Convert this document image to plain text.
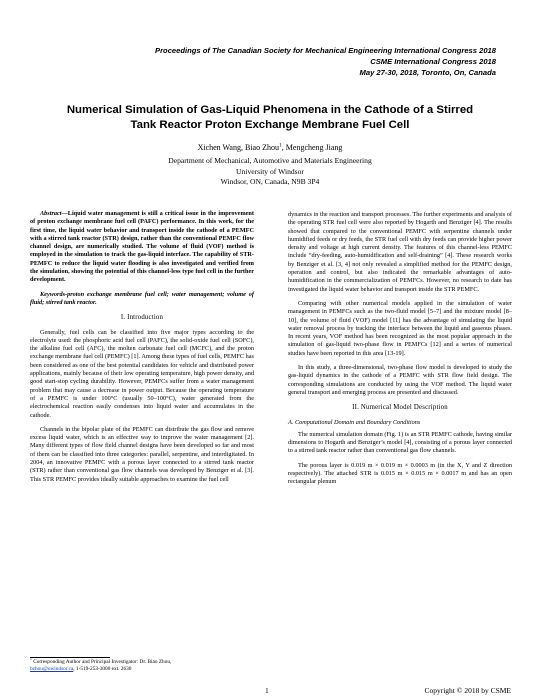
Proceedings of The Canadian Society for Mechanical Engineering International Congress 2018
CSME International Congress 2018
May 27-30, 2018, Toronto, On, Canada
Numerical Simulation of Gas-Liquid Phenomena in the Cathode of a Stirred
Tank Reactor Proton Exchange Membrane Fuel Cell
Xichen Wang, Biao Zhou$^1$, Mengcheng Jiang
Department of Mechanical, Automotive and Materials Engineering
University of Windsor
Windsor, ON, Canada, N9B 3P4

Abstract—Liquid water management is still a critical issue in the improvement of proton exchange membrane fuel cell (PAFC) performance. In this work, for the first time, the liquid water behavior and transport inside the cathode of a PEMFC with a stirred tank reactor (STR) design, rather than the conventional PEMFC flow channel design, are numerically studied. The volume of fluid (VOF) method is employed in the simulation to track the gas-liquid interface. The capability of STR-PEMFC to reduce the liquid water flooding is also investigated and verified from the simulation, showing the potential of this channel-less type fuel cell in the further development.

Keywords-proton exchange membrane fuel cell; water management; volume of fluid; stirred tank reactor.

I. Introduction

Generally, fuel cells can be classified into five major types according to the electrolyte used: the phosphoric acid fuel cell (PAFC), the solid-oxide fuel cell (SOFC), the alkaline fuel cell (AFC), the molten carbonate fuel cell (MCFC), and the proton exchange membrane fuel cell (PEMFC) [1]. Among these types of fuel cells, PEMFC has been considered as one of the best potential candidates for vehicle and distributed power applications, mainly because of their low operating temperature, high power density, and good start-stop cycling durability. However, PEMFCs suffer from a water management problem that may cause a decrease in power output. Because the operating temperature of a PEMFC is under 100°C (usually 50–100°C), water generated from the electrochemical reaction easily condenses into liquid water and accumulates in the cathode.

Channels in the bipolar plate of the PEMFC can distribute the gas flow and remove excess liquid water, which is an effective way to improve the water management [2]. Many different types of flow field channel designs have been developed so far and most of them can be classified into three categories: parallel, serpentine, and interdigitated. In 2004, an innovative PEMFC with a porous layer connected to a stirred tank reactor (STR) rather than conventional gas flow channels was developed by Benziger et al. [3]. This STR PEMFC provides ideally suitable approaches to examine the fuel cell

dynamics in the reaction and transport processes. The further experiments and analysis of the operating STR fuel cell were also reported by Hogarth and Benziger [4]. The results showed that compared to the conventional PEMFC with serpentine channels under humidified feeds or dry feeds, the STR fuel cell with dry feeds can provide higher power density and voltage at high current density. The features of this channel-less PEMFC include “dry-feeding, auto-humidification and self-draining” [4]. These research works by Benziger et al. [3, 4] not only revealed a simplified method for the PEMFC design, operation and control, but also indicated the remarkable advantages of auto-humidification in the commercialization of PEMFCs. However, no research to date has investigated the liquid water behavior and transport inside the STR PEMFC.

Comparing with other numerical models applied in the simulation of water management in PEMFCs such as the two-fluid model [5–7] and the mixture model [8–10], the volume of fluid (VOF) model [11] has the advantage of simulating the liquid water removal process by tracking the interface between the liquid and gaseous phases. In recent years, VOF method has been recognized as the most popular approach in the simulation of gas-liquid two-phase flow in PEMFCs [12] and a series of numerical studies have been reported in this area [13-19].

In this study, a three-dimensional, two-phase flow model is developed to study the gas-liquid dynamics in the cathode of a PEMFC with STR flow field design. The corresponding simulations are conducted by using the VOF method. The liquid water general transport and emerging process are presented and discussed.

II. Numerical Model Description
A. Computational Domain and Boundary Conditions

The numerical simulation domain (Fig. 1) is an STR PEMFC cathode, having similar dimensions to Hogarth and Benziger’s model [4], consisting of a porous layer connected to a stirred tank reactor rather than conventional gas flow channels.

The porous layer is 0.019 m × 0.019 m × 0.0003 m (in the X, Y and Z direction respectively). The attached STR is 0.015 m × 0.015 m × 0.0017 m and has an open rectangular plenum

$^1$ Corresponding Author and Principal Investigator: Dr. Biao Zhou,
bzhou@uwindsor.ca, 1-519-253-3000 ext. 2630
1	Copyright © 2018 by CSME
